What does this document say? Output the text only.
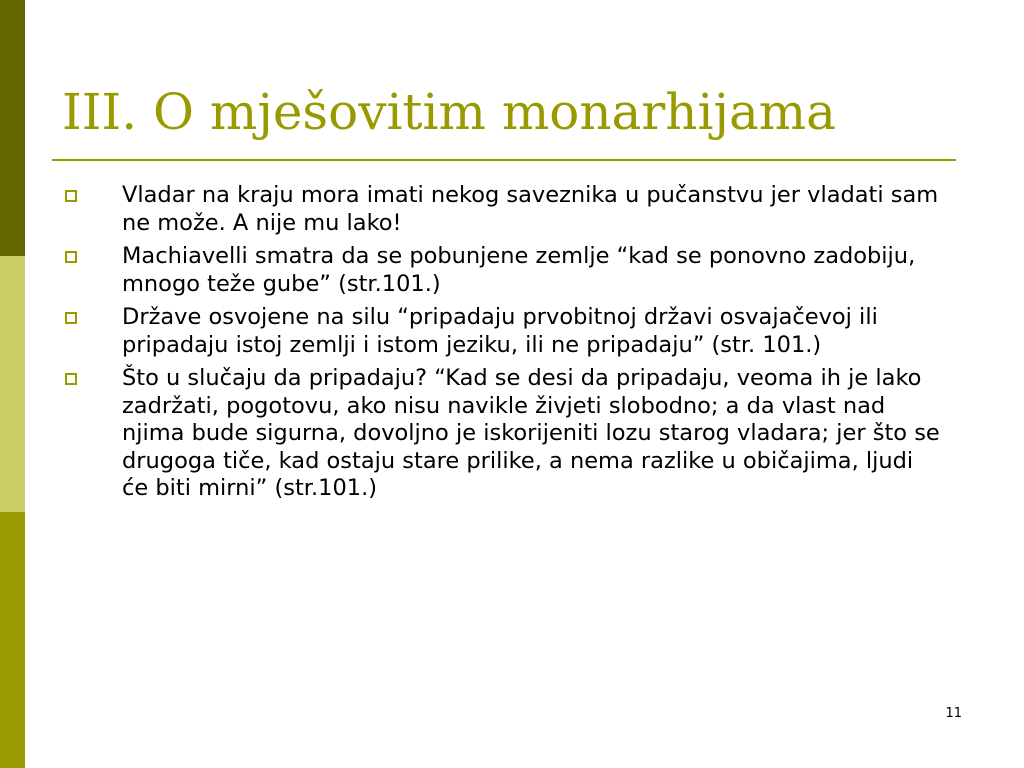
III. O mješovitim monarhijama
Vladar na kraju mora imati nekog saveznika u pučanstvu jer vladati sam ne može. A nije mu lako!
Machiavelli smatra da se pobunjene zemlje “kad se ponovno zadobiju, mnogo teže gube” (str.101.)
Države osvojene na silu “pripadaju prvobitnoj državi osvajačevoj ili pripadaju istoj zemlji i istom jeziku, ili ne pripadaju” (str. 101.)
Što u slučaju da pripadaju? “Kad se desi da pripadaju, veoma ih je lako zadržati, pogotovu, ako nisu navikle živjeti slobodno; a da vlast nad njima bude sigurna, dovoljno je iskorijeniti lozu starog vladara; jer što se drugoga tiče, kad ostaju stare prilike, a nema razlike u običajima, ljudi će biti mirni” (str.101.)
11
